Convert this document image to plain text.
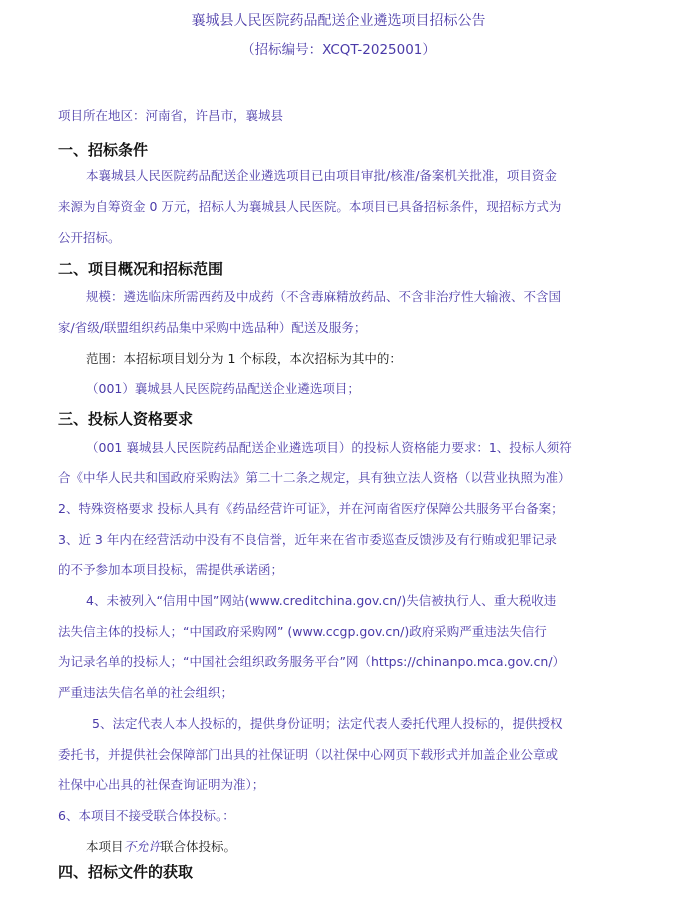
襄城县人民医院药品配送企业遴选项目招标公告
（招标编号：XCQT-2025001）
项目所在地区：河南省，许昌市，襄城县
一、招标条件
本襄城县人民医院药品配送企业遴选项目已由项目审批/核准/备案机关批准，项目资金
来源为自筹资金 0 万元，招标人为襄城县人民医院。本项目已具备招标条件，现招标方式为
公开招标。
二、项目概况和招标范围
规模：遴选临床所需西药及中成药（不含毒麻精放药品、不含非治疗性大输液、不含国
家/省级/联盟组织药品集中采购中选品种）配送及服务；
范围：本招标项目划分为 1 个标段，本次招标为其中的：
（001）襄城县人民医院药品配送企业遴选项目；
三、投标人资格要求
（001 襄城县人民医院药品配送企业遴选项目）的投标人资格能力要求：1、投标人须符
合《中华人民共和国政府采购法》第二十二条之规定，具有独立法人资格（以营业执照为准）
2、特殊资格要求 投标人具有《药品经营许可证》，并在河南省医疗保障公共服务平台备案；
3、近 3 年内在经营活动中没有不良信誉，近年来在省市委巡查反馈涉及有行贿或犯罪记录
的不予参加本项目投标，需提供承诺函；
4、未被列入“信用中国”网站(www.creditchina.gov.cn/)失信被执行人、重大税收违
法失信主体的投标人；“中国政府采购网” (www.ccgp.gov.cn/)政府采购严重违法失信行
为记录名单的投标人；“中国社会组织政务服务平台”网（https://chinanpo.mca.gov.cn/）
严重违法失信名单的社会组织；
5、法定代表人本人投标的，提供身份证明；法定代表人委托代理人投标的，提供授权
委托书，并提供社会保障部门出具的社保证明（以社保中心网页下载形式并加盖企业公章或
社保中心出具的社保查询证明为准）；
6、本项目不接受联合体投标。：
本项目不允许联合体投标。
四、招标文件的获取
